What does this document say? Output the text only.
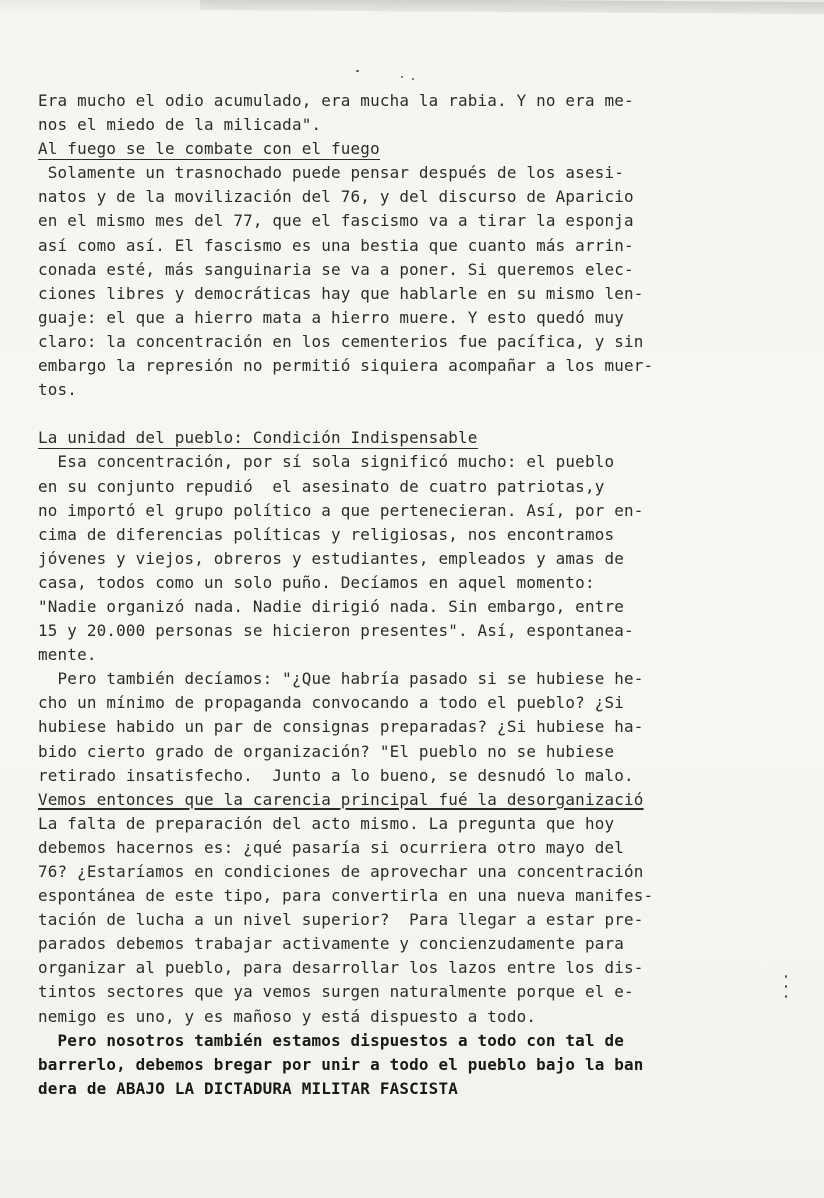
Era mucho el odio acumulado, era mucha la rabia. Y no era me-
nos el miedo de la milicada".
Al fuego se le combate con el fuego
Solamente un trasnochado puede pensar después de los asesi-
natos y de la movilización del 76, y del discurso de Aparicio
en el mismo mes del 77, que el fascismo va a tirar la esponja
así como así. El fascismo es una bestia que cuanto más arrin-
conada esté, más sanguinaria se va a poner. Si queremos elec-
ciones libres y democráticas hay que hablarle en su mismo len-
guaje: el que a hierro mata a hierro muere. Y esto quedó muy
claro: la concentración en los cementerios fue pacífica, y sin
embargo la represión no permitió siquiera acompañar a los muer-
tos.
La unidad del pueblo: Condición Indispensable
Esa concentración, por sí sola significó mucho: el pueblo
en su conjunto repudió  el asesinato de cuatro patriotas,y
no importó el grupo político a que pertenecieran. Así, por en-
cima de diferencias políticas y religiosas, nos encontramos
jóvenes y viejos, obreros y estudiantes, empleados y amas de
casa, todos como un solo puño. Decíamos en aquel momento:
"Nadie organizó nada. Nadie dirigió nada. Sin embargo, entre
15 y 20.000 personas se hicieron presentes". Así, espontanea-
mente.
Pero también decíamos: "¿Que habría pasado si se hubiese he-
cho un mínimo de propaganda convocando a todo el pueblo? ¿Si
hubiese habido un par de consignas preparadas? ¿Si hubiese ha-
bido cierto grado de organización? "El pueblo no se hubiese
retirado insatisfecho.  Junto a lo bueno, se desnudó lo malo.
Vemos entonces que la carencia principal fué la desorganizació
La falta de preparación del acto mismo. La pregunta que hoy
debemos hacernos es: ¿qué pasaría si ocurriera otro mayo del
76? ¿Estaríamos en condiciones de aprovechar una concentración
espontánea de este tipo, para convertirla en una nueva manifes-
tación de lucha a un nivel superior?  Para llegar a estar pre-
parados debemos trabajar activamente y concienzudamente para
organizar al pueblo, para desarrollar los lazos entre los dis-
tintos sectores que ya vemos surgen naturalmente porque el e-
nemigo es uno, y es mañoso y está dispuesto a todo.
Pero nosotros también estamos dispuestos a todo con tal de
barrerlo, debemos bregar por unir a todo el pueblo bajo la ban
dera de ABAJO LA DICTADURA MILITAR FASCISTA
